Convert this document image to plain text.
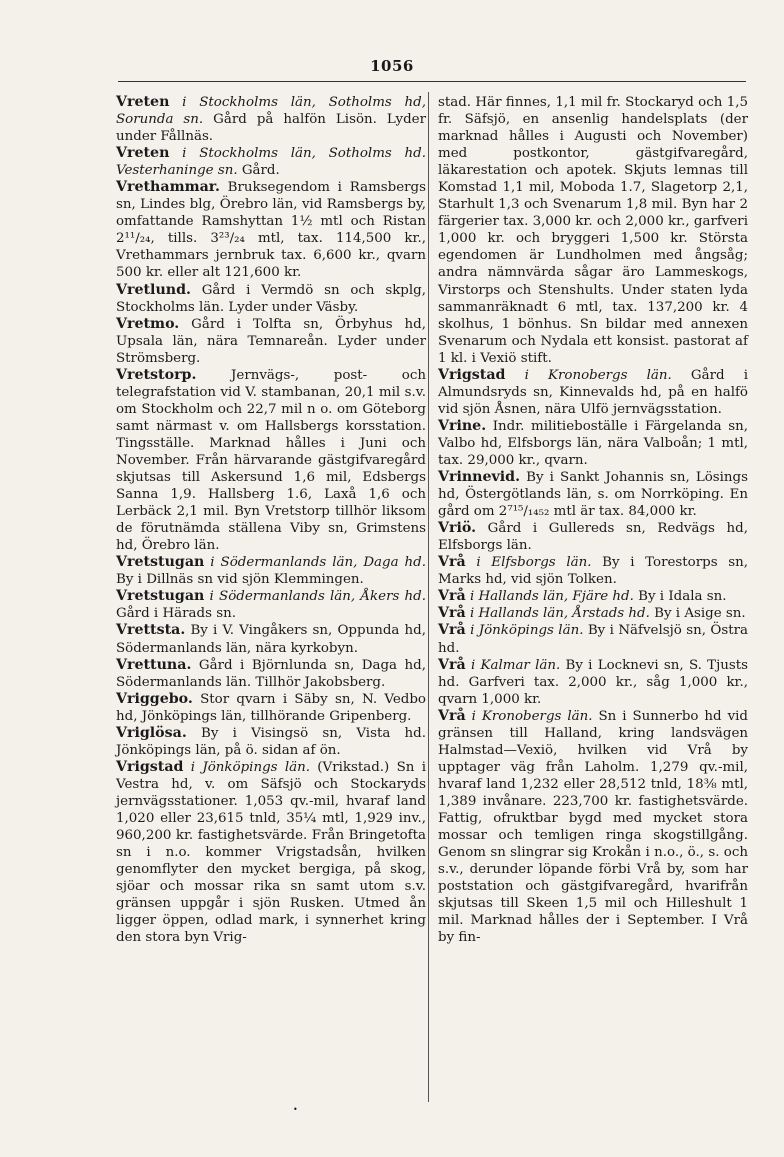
1056

Vreten i Stockholms län, Sotholms hd, Sorunda sn. Gård på halfön Lisön. Lyder under Fållnäs.

Vreten i Stockholms län, Sotholms hd. Vesterhaninge sn. Gård.

Vrethammar. Bruksegendom i Ramsbergs sn, Lindes blg, Örebro län, vid Ramsbergs by, omfattande Ramshyttan 1½ mtl och Ristan 2¹¹/₂₄, tills. 3²³/₂₄ mtl, tax. 114,500 kr., Vrethammars jernbruk tax. 6,600 kr., qvarn 500 kr. eller alt 121,600 kr.

Vretlund. Gård i Vermdö sn och skplg, Stockholms län. Lyder under Väsby.

Vretmo. Gård i Tolfta sn, Örbyhus hd, Upsala län, nära Temnareån. Lyder under Strömsberg.

Vretstorp. Jernvägs-, post- och telegrafstation vid V. stambanan, 20,1 mil s.v. om Stockholm och 22,7 mil n o. om Göteborg samt närmast v. om Hallsbergs korsstation. Tingsställe. Marknad hålles i Juni och November. Från härvarande gästgifvaregård skjutsas till Askersund 1,6 mil, Edsbergs Sanna 1,9. Hallsberg 1.6, Laxå 1,6 och Lerbäck 2,1 mil. Byn Vretstorp tillhör liksom de förutnämda ställena Viby sn, Grimstens hd, Örebro län.

Vretstugan i Södermanlands län, Daga hd. By i Dillnäs sn vid sjön Klemmingen.

Vretstugan i Södermanlands län, Åkers hd. Gård i Härads sn.

Vrettsta. By i V. Vingåkers sn, Oppunda hd, Södermanlands län, nära kyrkobyn.

Vrettuna. Gård i Björnlunda sn, Daga hd, Södermanlands län. Tillhör Jakobsberg.

Vriggebo. Stor qvarn i Säby sn, N. Vedbo hd, Jönköpings län, tillhörande Gripenberg.

Vriglösa. By i Visingsö sn, Vista hd. Jönköpings län, på ö. sidan af ön.

Vrigstad i Jönköpings län. (Vrikstad.) Sn i Vestra hd, v. om Säfsjö och Stockaryds jernvägsstationer. 1,053 qv.-mil, hvaraf land 1,020 eller 23,615 tnld, 35¼ mtl, 1,929 inv., 960,200 kr. fastighetsvärde. Från Bringetofta sn i n.o. kommer Vrigstadsån, hvilken genomflyter den mycket bergiga, på skog, sjöar och mossar rika sn samt utom s.v. gränsen uppgår i sjön Rusken. Utmed ån ligger öppen, odlad mark, i synnerhet kring den stora byn Vrig-

stad. Här finnes, 1,1 mil fr. Stockaryd och 1,5 fr. Säfsjö, en ansenlig handelsplats (der marknad hålles i Augusti och November) med postkontor, gästgifvaregård, läkarestation och apotek. Skjuts lemnas till Komstad 1,1 mil, Moboda 1.7, Slagetorp 2,1, Starhult 1,3 och Svenarum 1,8 mil. Byn har 2 färgerier tax. 3,000 kr. och 2,000 kr., garfveri 1,000 kr. och bryggeri 1,500 kr. Största egendomen är Lundholmen med ångsåg; andra nämnvärda sågar äro Lammeskogs, Virstorps och Stenshults. Under staten lyda sammanräknadt 6 mtl, tax. 137,200 kr. 4 skolhus, 1 bönhus. Sn bildar med annexen Svenarum och Nydala ett konsist. pastorat af 1 kl. i Vexiö stift.

Vrigstad i Kronobergs län. Gård i Almundsryds sn, Kinnevalds hd, på en halfö vid sjön Åsnen, nära Ulfö jernvägsstation.

Vrine. Indr. militieboställe i Färgelanda sn, Valbo hd, Elfsborgs län, nära Valboån; 1 mtl, tax. 29,000 kr., qvarn.

Vrinnevid. By i Sankt Johannis sn, Lösings hd, Östergötlands län, s. om Norrköping. En gård om 2⁷¹⁵/₁₄₅₂ mtl är tax. 84,000 kr.

Vriö. Gård i Gullereds sn, Redvägs hd, Elfsborgs län.

Vrå i Elfsborgs län. By i Torestorps sn, Marks hd, vid sjön Tolken.

Vrå i Hallands län, Fjäre hd. By i Idala sn.

Vrå i Hallands län, Årstads hd. By i Asige sn.

Vrå i Jönköpings län. By i Näfvelsjö sn, Östra hd.

Vrå i Kalmar län. By i Locknevi sn, S. Tjusts hd. Garfveri tax. 2,000 kr., såg 1,000 kr., qvarn 1,000 kr.

Vrå i Kronobergs län. Sn i Sunnerbo hd vid gränsen till Halland, kring landsvägen Halmstad—Vexiö, hvilken vid Vrå by upptager väg från Laholm. 1,279 qv.-mil, hvaraf land 1,232 eller 28,512 tnld, 18⅜ mtl, 1,389 invånare. 223,700 kr. fastighetsvärde. Fattig, ofruktbar bygd med mycket stora mossar och temligen ringa skogstillgång. Genom sn slingrar sig Krokån i n.o., ö., s. och s.v., derunder löpande förbi Vrå by, som har poststation och gästgifvaregård, hvarifrån skjutsas till Skeen 1,5 mil och Hilleshult 1 mil. Marknad hålles der i September. I Vrå by fin-

•
